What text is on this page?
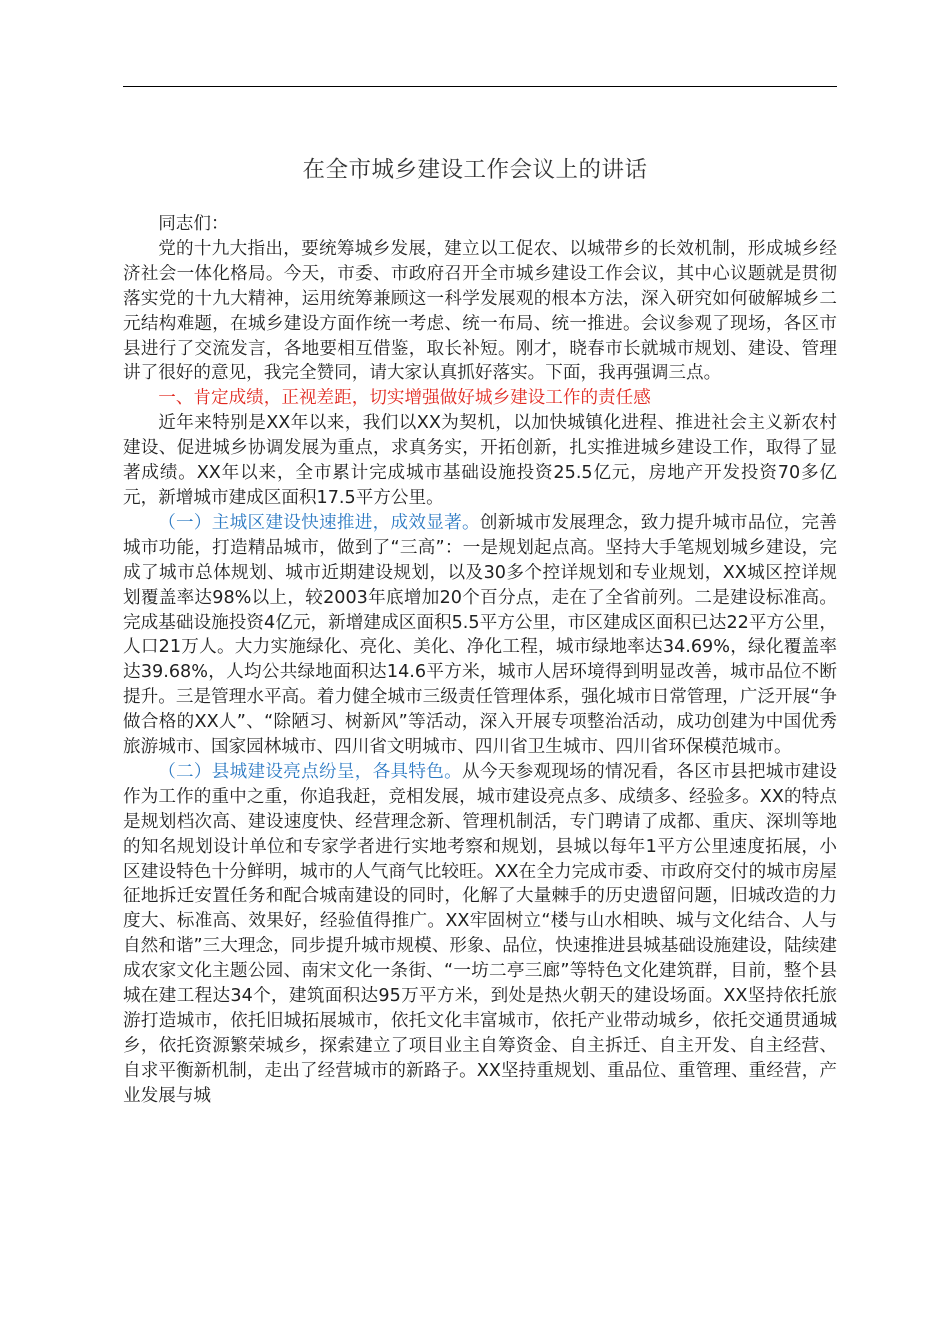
在全市城乡建设工作会议上的讲话

同志们：

党的十九大指出，要统筹城乡发展，建立以工促农、以城带乡的长效机制，形成城乡经济社会一体化格局。今天，市委、市政府召开全市城乡建设工作会议，其中心议题就是贯彻落实党的十九大精神，运用统筹兼顾这一科学发展观的根本方法，深入研究如何破解城乡二元结构难题，在城乡建设方面作统一考虑、统一布局、统一推进。会议参观了现场，各区市县进行了交流发言，各地要相互借鉴，取长补短。刚才，晓春市长就城市规划、建设、管理讲了很好的意见，我完全赞同，请大家认真抓好落实。下面，我再强调三点。

一、肯定成绩，正视差距，切实增强做好城乡建设工作的责任感

近年来特别是XX年以来，我们以XX为契机，以加快城镇化进程、推进社会主义新农村建设、促进城乡协调发展为重点，求真务实，开拓创新，扎实推进城乡建设工作，取得了显著成绩。XX年以来，全市累计完成城市基础设施投资25.5亿元，房地产开发投资70多亿元，新增城市建成区面积17.5平方公里。

（一）主城区建设快速推进，成效显著。创新城市发展理念，致力提升城市品位，完善城市功能，打造精品城市，做到了“三高”：一是规划起点高。坚持大手笔规划城乡建设，完成了城市总体规划、城市近期建设规划，以及30多个控详规划和专业规划，XX城区控详规划覆盖率达98%以上，较2003年底增加20个百分点，走在了全省前列。二是建设标准高。完成基础设施投资4亿元，新增建成区面积5.5平方公里，市区建成区面积已达22平方公里，人口21万人。大力实施绿化、亮化、美化、净化工程，城市绿地率达34.69%，绿化覆盖率达39.68%，人均公共绿地面积达14.6平方米，城市人居环境得到明显改善，城市品位不断提升。三是管理水平高。着力健全城市三级责任管理体系，强化城市日常管理，广泛开展“争做合格的XX人”、“除陋习、树新风”等活动，深入开展专项整治活动，成功创建为中国优秀旅游城市、国家园林城市、四川省文明城市、四川省卫生城市、四川省环保模范城市。

（二）县城建设亮点纷呈，各具特色。从今天参观现场的情况看，各区市县把城市建设作为工作的重中之重，你追我赶，竞相发展，城市建设亮点多、成绩多、经验多。XX的特点是规划档次高、建设速度快、经营理念新、管理机制活，专门聘请了成都、重庆、深圳等地的知名规划设计单位和专家学者进行实地考察和规划，县城以每年1平方公里速度拓展，小区建设特色十分鲜明，城市的人气商气比较旺。XX在全力完成市委、市政府交付的城市房屋征地拆迁安置任务和配合城南建设的同时，化解了大量棘手的历史遗留问题，旧城改造的力度大、标准高、效果好，经验值得推广。XX牢固树立“楼与山水相映、城与文化结合、人与自然和谐”三大理念，同步提升城市规模、形象、品位，快速推进县城基础设施建设，陆续建成农家文化主题公园、南宋文化一条街、“一坊二亭三廊”等特色文化建筑群，目前，整个县城在建工程达34个，建筑面积达95万平方米，到处是热火朝天的建设场面。XX坚持依托旅游打造城市，依托旧城拓展城市，依托文化丰富城市，依托产业带动城乡，依托交通贯通城乡，依托资源繁荣城乡，探索建立了项目业主自筹资金、自主拆迁、自主开发、自主经营、自求平衡新机制，走出了经营城市的新路子。XX坚持重规划、重品位、重管理、重经营，产业发展与城
